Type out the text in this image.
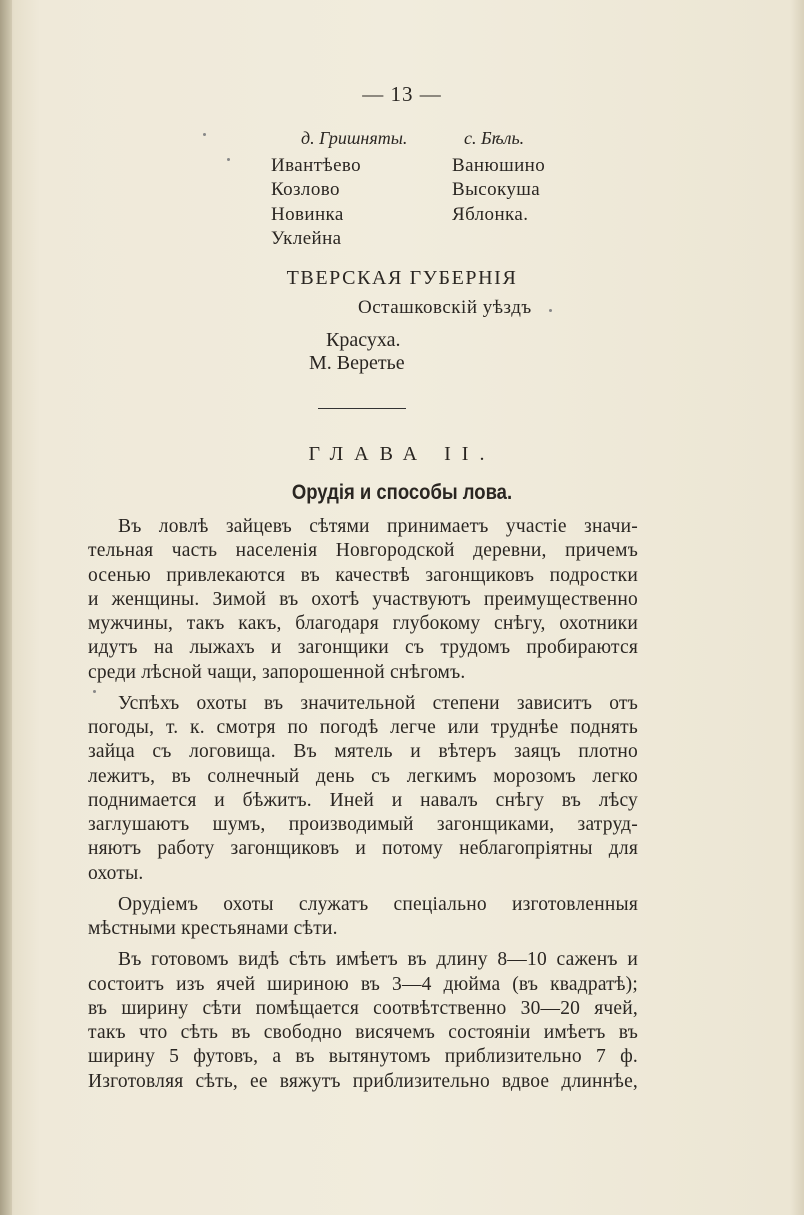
— 13 —
д. Гришняты.
Ивантѣево
Козлово
Новинка
Уклейна
с. Бѣль.
Ванюшино
Высокуша
Яблонка.
ТВЕРСКАЯ ГУБЕРНІЯ
Осташковскій уѣздъ
Красуха.
М. Веретье
ГЛАВА II.
Орудія и способы лова.
Въ ловлѣ зайцевъ сѣтями принимаетъ участіе значи-
тельная часть населенія Новгородской деревни, причемъ
осенью привлекаются въ качествѣ загонщиковъ подростки
и женщины. Зимой въ охотѣ участвуютъ преимущественно
мужчины, такъ какъ, благодаря глубокому снѣгу, охотники
идутъ на лыжахъ и загонщики съ трудомъ пробираются
среди лѣсной чащи, запорошенной снѣгомъ.
Успѣхъ охоты въ значительной степени зависитъ отъ
погоды, т. к. смотря по погодѣ легче или труднѣе поднять
зайца съ логовища. Въ мятель и вѣтеръ заяцъ плотно
лежитъ, въ солнечный день съ легкимъ морозомъ легко
поднимается и бѣжитъ. Иней и навалъ снѣгу въ лѣсу
заглушаютъ шумъ, производимый загонщиками, затруд-
няютъ работу загонщиковъ и потому неблагопріятны для
охоты.
Орудіемъ охоты служатъ спеціально изготовленныя
мѣстными крестьянами сѣти.
Въ готовомъ видѣ сѣть имѣетъ въ длину 8—10 саженъ и
состоитъ изъ ячей шириною въ 3—4 дюйма (въ квадратѣ);
въ ширину сѣти помѣщается соотвѣтственно 30—20 ячей,
такъ что сѣть въ свободно висячемъ состояніи имѣетъ въ
ширину 5 футовъ, а въ вытянутомъ приблизительно 7 ф.
Изготовляя сѣть, ее вяжутъ приблизительно вдвое длиннѣе,
